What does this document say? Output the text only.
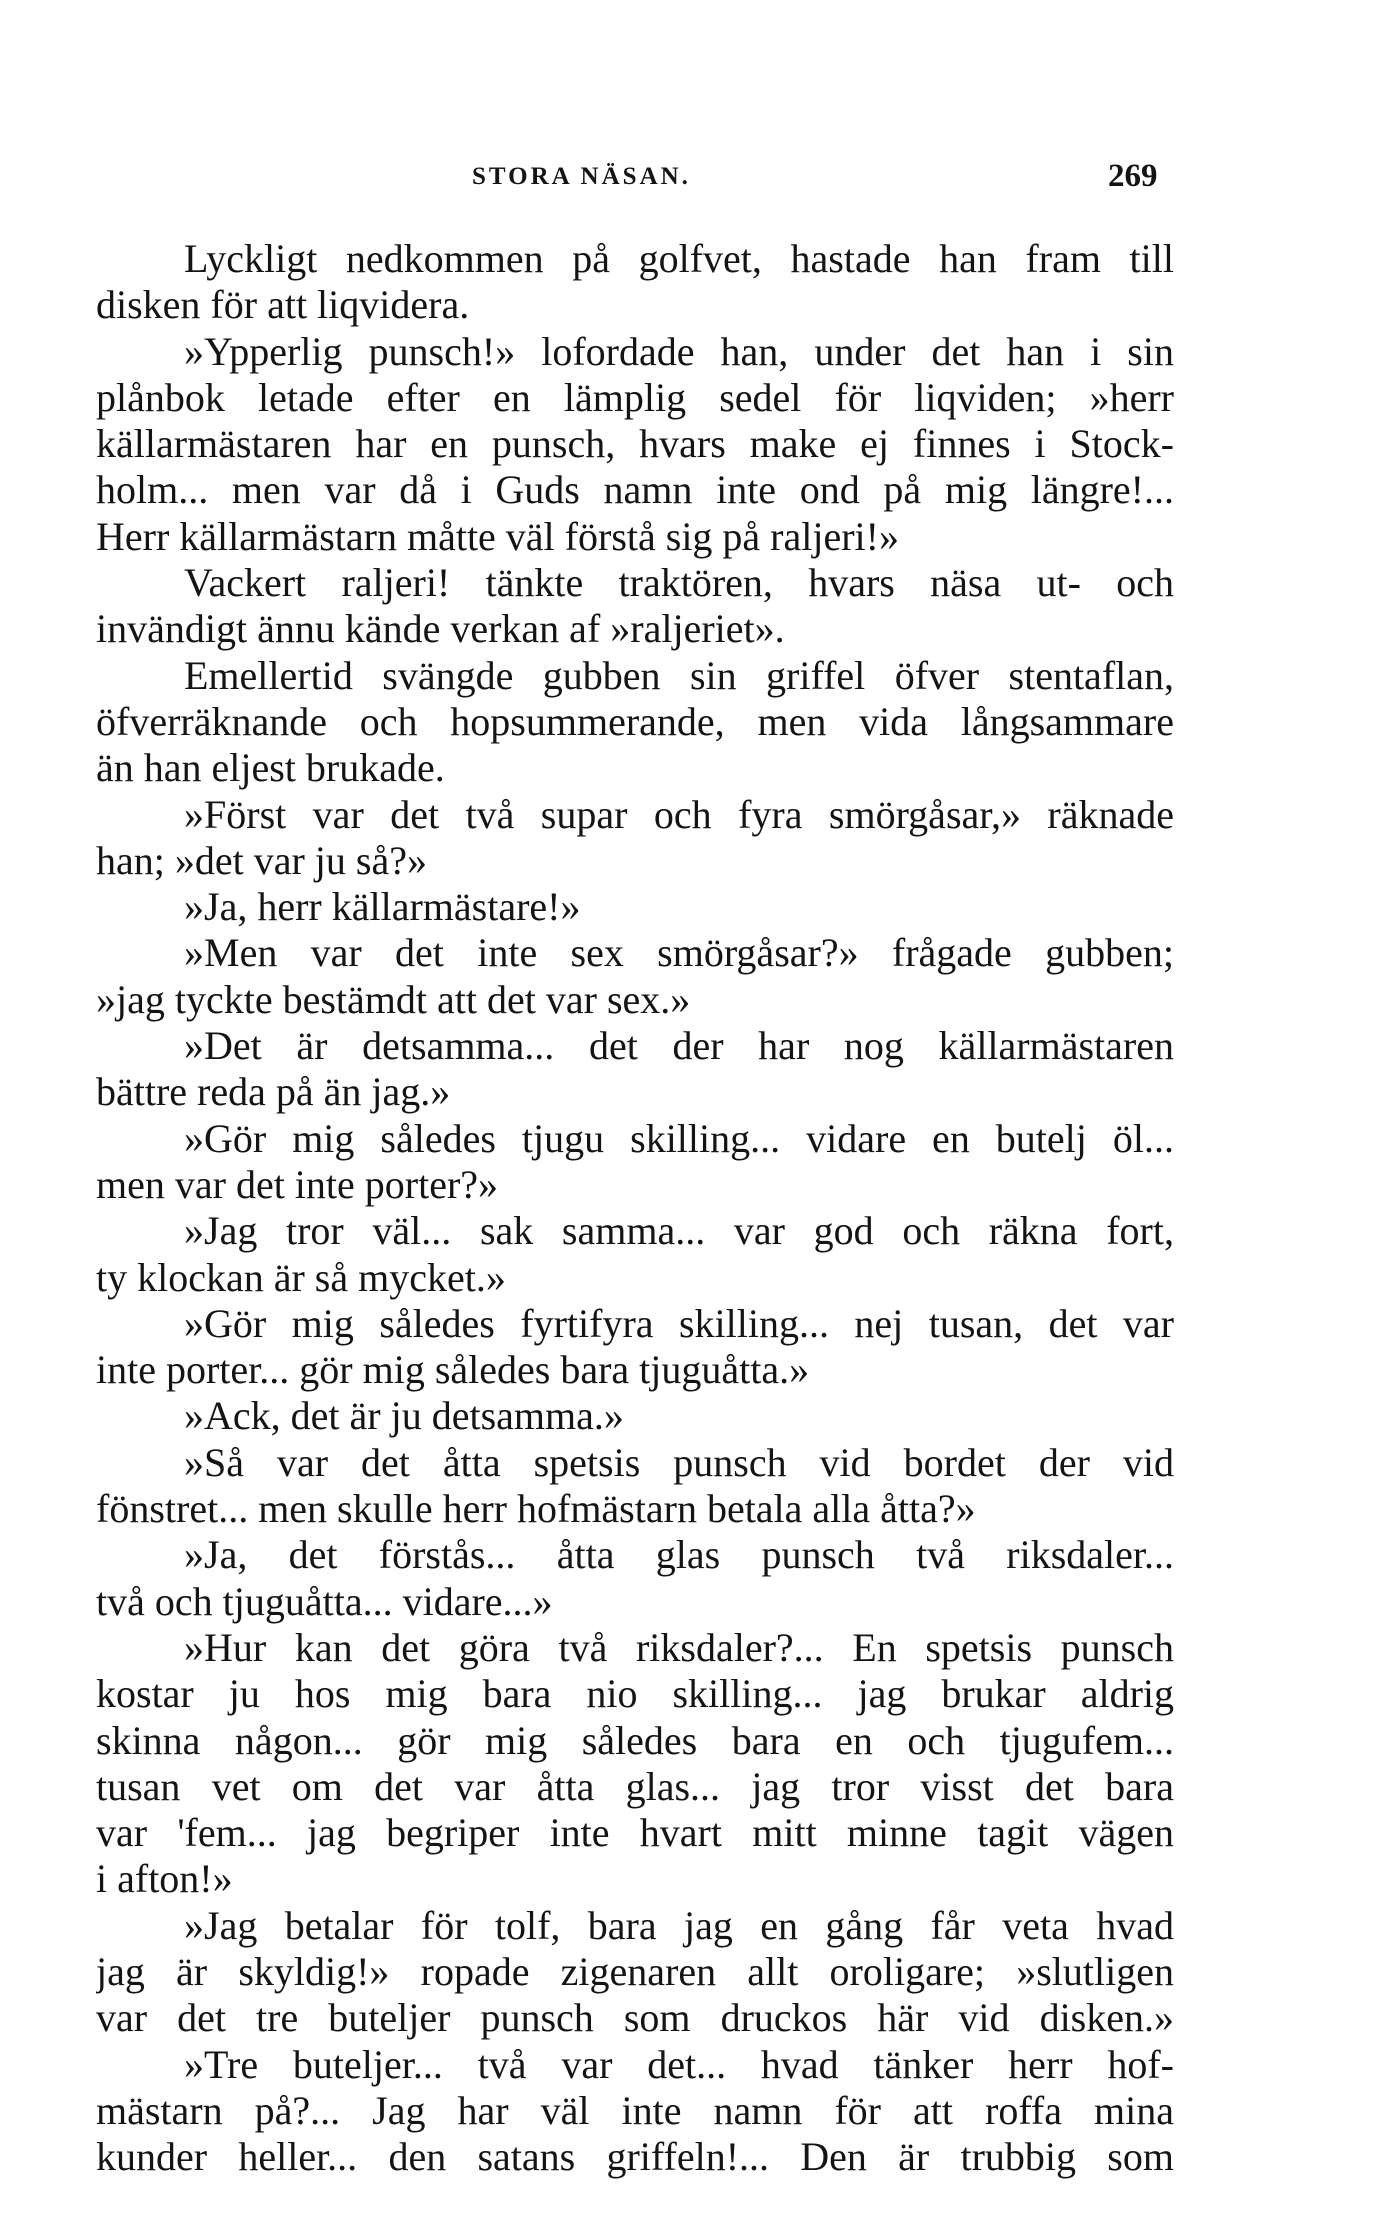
STORA NÄSAN.	269
Lyckligt nedkommen på golfvet, hastade han fram till
disken för att liqvidera.
»Ypperlig punsch!» lofordade han, under det han i sin
plånbok letade efter en lämplig sedel för liqviden; »herr
källarmästaren har en punsch, hvars make ej finnes i Stock-
holm... men var då i Guds namn inte ond på mig längre!...
Herr källarmästarn måtte väl förstå sig på raljeri!»
Vackert raljeri! tänkte traktören, hvars näsa ut- och
invändigt ännu kände verkan af »raljeriet».
Emellertid svängde gubben sin griffel öfver stentaflan,
öfverräknande och hopsummerande, men vida långsammare
än han eljest brukade.
»Först var det två supar och fyra smörgåsar,» räknade
han; »det var ju så?»
»Ja, herr källarmästare!»
»Men var det inte sex smörgåsar?» frågade gubben;
»jag tyckte bestämdt att det var sex.»
»Det är detsamma... det der har nog källarmästaren
bättre reda på än jag.»
»Gör mig således tjugu skilling... vidare en butelj öl...
men var det inte porter?»
»Jag tror väl... sak samma... var god och räkna fort,
ty klockan är så mycket.»
»Gör mig således fyrtifyra skilling... nej tusan, det var
inte porter... gör mig således bara tjuguåtta.»
»Ack, det är ju detsamma.»
»Så var det åtta spetsis punsch vid bordet der vid
fönstret... men skulle herr hofmästarn betala alla åtta?»
»Ja, det förstås... åtta glas punsch två riksdaler...
två och tjuguåtta... vidare...»
»Hur kan det göra två riksdaler?... En spetsis punsch
kostar ju hos mig bara nio skilling... jag brukar aldrig
skinna någon... gör mig således bara en och tjugufem...
tusan vet om det var åtta glas... jag tror visst det bara
var 'fem... jag begriper inte hvart mitt minne tagit vägen
i afton!»
»Jag betalar för tolf, bara jag en gång får veta hvad
jag är skyldig!» ropade zigenaren allt oroligare; »slutligen
var det tre buteljer punsch som druckos här vid disken.»
»Tre buteljer... två var det... hvad tänker herr hof-
mästarn på?... Jag har väl inte namn för att roffa mina
kunder heller... den satans griffeln!... Den är trubbig som
